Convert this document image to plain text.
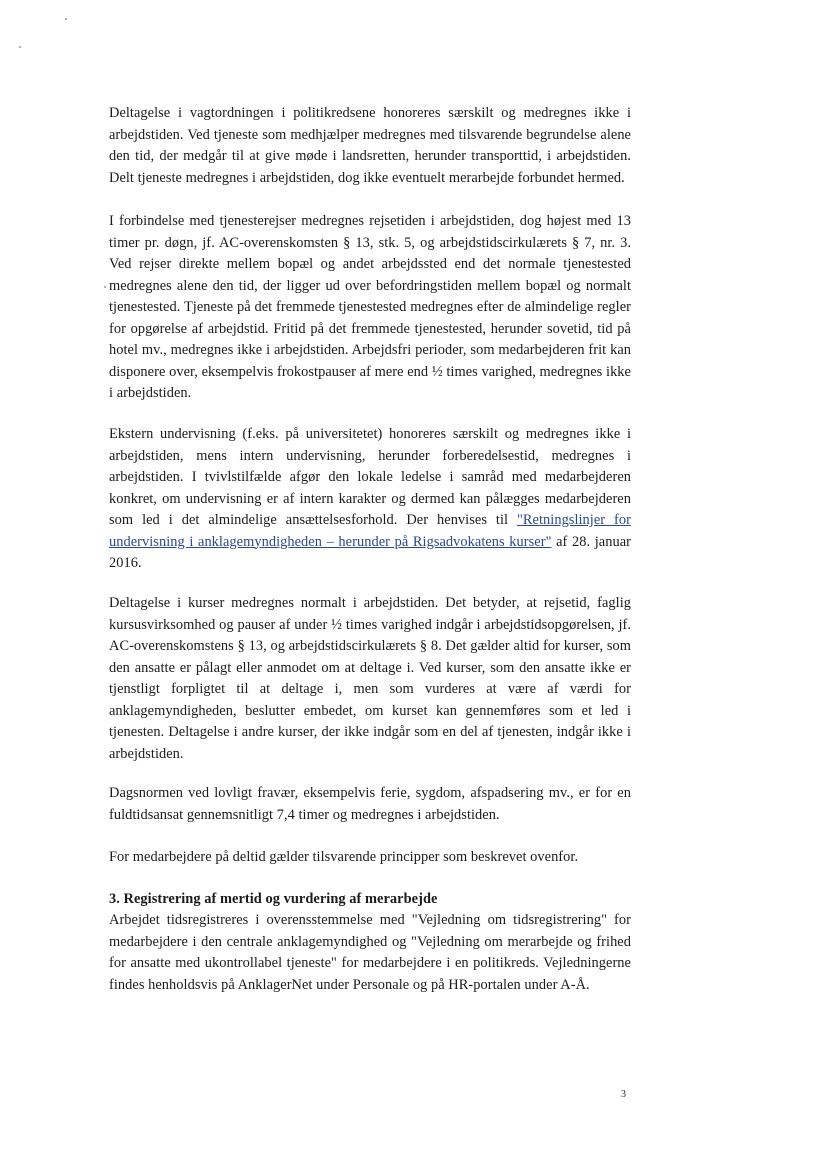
Deltagelse i vagtordningen i politikredsene honoreres særskilt og medregnes ikke i arbejdstiden. Ved tjeneste som medhjælper medregnes med tilsvarende begrundelse alene den tid, der medgår til at give møde i landsretten, herunder transporttid, i arbejdstiden. Delt tjeneste medregnes i arbejdstiden, dog ikke eventuelt merarbejde forbundet hermed.
I forbindelse med tjenesterejser medregnes rejsetiden i arbejdstiden, dog højest med 13 timer pr. døgn, jf. AC-overenskomsten § 13, stk. 5, og arbejdstidscirkulærets § 7, nr. 3. Ved rejser direkte mellem bopæl og andet arbejdssted end det normale tjenestested medregnes alene den tid, der ligger ud over befordringstiden mellem bopæl og normalt tjenestested. Tjeneste på det fremmede tjenestested medregnes efter de almindelige regler for opgørelse af arbejdstid. Fritid på det fremmede tjenestested, herunder sovetid, tid på hotel mv., medregnes ikke i arbejdstiden. Arbejdsfri perioder, som medarbejderen frit kan disponere over, eksempelvis frokostpauser af mere end ½ times varighed, medregnes ikke i arbejdstiden.
Ekstern undervisning (f.eks. på universitetet) honoreres særskilt og medregnes ikke i arbejdstiden, mens intern undervisning, herunder forberedelsestid, medregnes i arbejdstiden. I tvivlstilfælde afgør den lokale ledelse i samråd med medarbejderen konkret, om undervisning er af intern karakter og dermed kan pålægges medarbejderen som led i det almindelige ansættelsesforhold. Der henvises til "Retningslinjer for undervisning i anklagemyndigheden – herunder på Rigsadvokatens kurser" af 28. januar 2016.
Deltagelse i kurser medregnes normalt i arbejdstiden. Det betyder, at rejsetid, faglig kursusvirksomhed og pauser af under ½ times varighed indgår i arbejdstidsopgørelsen, jf. AC-overenskomstens § 13, og arbejdstidscirkulærets § 8. Det gælder altid for kurser, som den ansatte er pålagt eller anmodet om at deltage i. Ved kurser, som den ansatte ikke er tjenstligt forpligtet til at deltage i, men som vurderes at være af værdi for anklagemyndigheden, beslutter embedet, om kurset kan gennemføres som et led i tjenesten. Deltagelse i andre kurser, der ikke indgår som en del af tjenesten, indgår ikke i arbejdstiden.
Dagsnormen ved lovligt fravær, eksempelvis ferie, sygdom, afspadsering mv., er for en fuldtidsansat gennemsnitligt 7,4 timer og medregnes i arbejdstiden.
For medarbejdere på deltid gælder tilsvarende principper som beskrevet ovenfor.
3. Registrering af mertid og vurdering af merarbejde
Arbejdet tidsregistreres i overensstemmelse med "Vejledning om tidsregistrering" for medarbejdere i den centrale anklagemyndighed og "Vejledning om merarbejde og frihed for ansatte med ukontrollabel tjeneste" for medarbejdere i en politikreds. Vejledningerne findes henholdsvis på AnklagerNet under Personale og på HR-portalen under A-Å.
3
